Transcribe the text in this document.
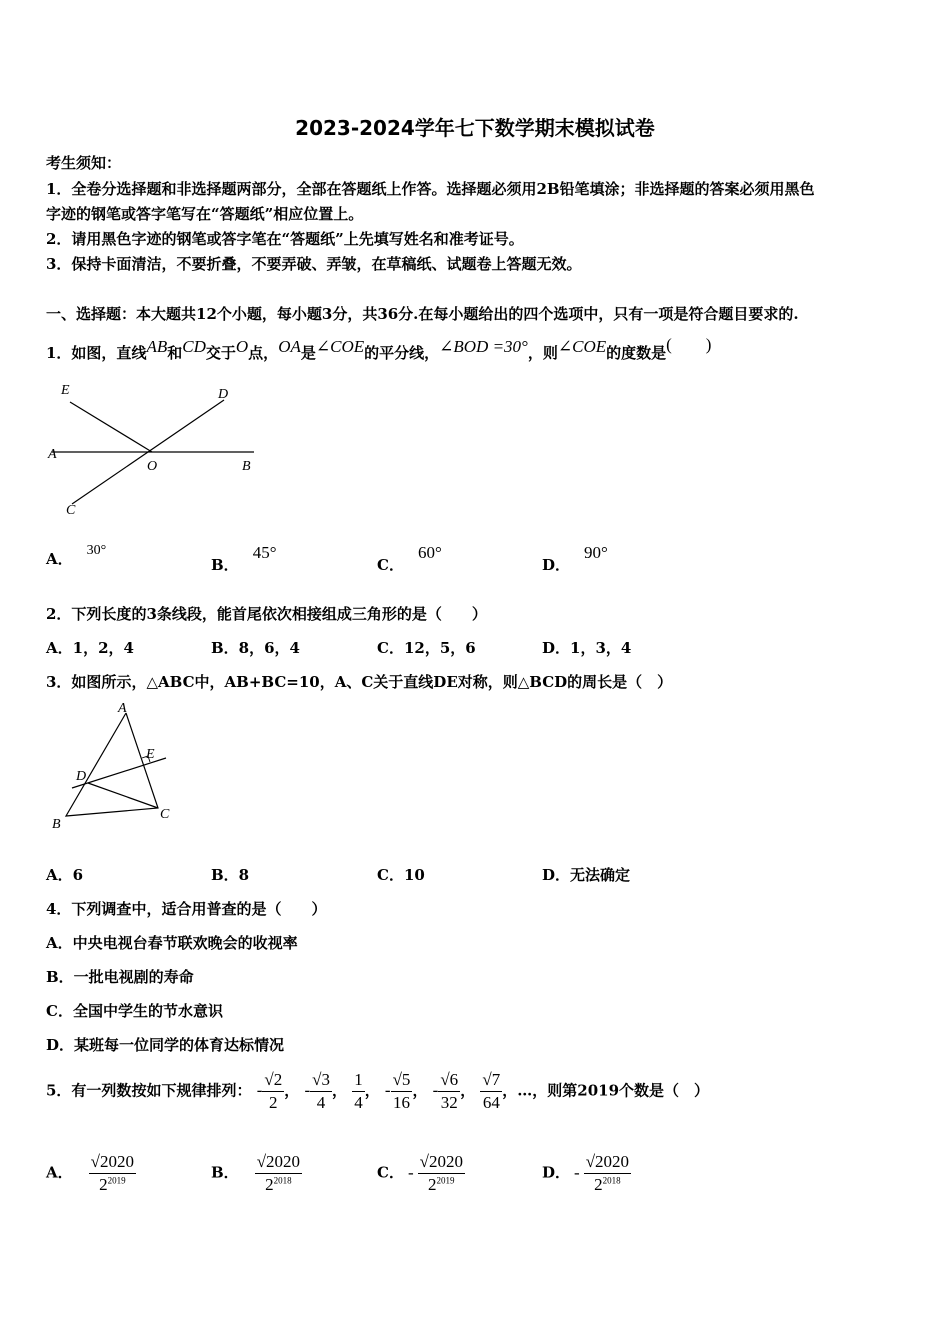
2023-2024学年七下数学期末模拟试卷
考生须知：
1．全卷分选择题和非选择题两部分，全部在答题纸上作答。选择题必须用2B铅笔填涂；非选择题的答案必须用黑色
字迹的钢笔或答字笔写在“答题纸”相应位置上。
2．请用黑色字迹的钢笔或答字笔在“答题纸”上先填写姓名和准考证号。
3．保持卡面清洁，不要折叠，不要弄破、弄皱，在草稿纸、试题卷上答题无效。
一、选择题：本大题共12个小题，每小题3分，共36分.在每小题给出的四个选项中，只有一项是符合题目要求的.
1．如图，直线AB和CD交于O点，OA是∠COE的平分线，∠BOD =30°，则∠COE的度数是(　　)
E	D
A
O	B
C
A． 30°
B．45°
C．60°
D．90°
2．下列长度的3条线段，能首尾依次相接组成三角形的是（　　）
A．1，2，4	B．8，6，4	C．12，5，6	D．1，3，4
3．如图所示，△ABC中，AB+BC=10，A、C关于直线DE对称，则△BCD的周长是（　）
A
E
D
B
C
A．6	B．8	C．10	D．无法确定
4．下列调查中，适合用普查的是（　　）
A．中央电视台春节联欢晚会的收视率
B．一批电视剧的寿命
C．全国中学生的节水意识
D．某班每一位同学的体育达标情况
5．有一列数按如下规律排列： - $\frac{√2}{2}$ ， - $\frac{√3}{4}$ ， $\frac{1}{4}$ ， - $\frac{√5}{16}$ ， - $\frac{√6}{32}$ ， $\frac{√7}{64}$ ，…，则第2019个数是（　）
A． $\frac{√2020}{2^{2019}}$	B． $\frac{√2020}{2^{2018}}$	C． - $\frac{√2020}{2^{2019}}$	D． - $\frac{√2020}{2^{2018}}$
